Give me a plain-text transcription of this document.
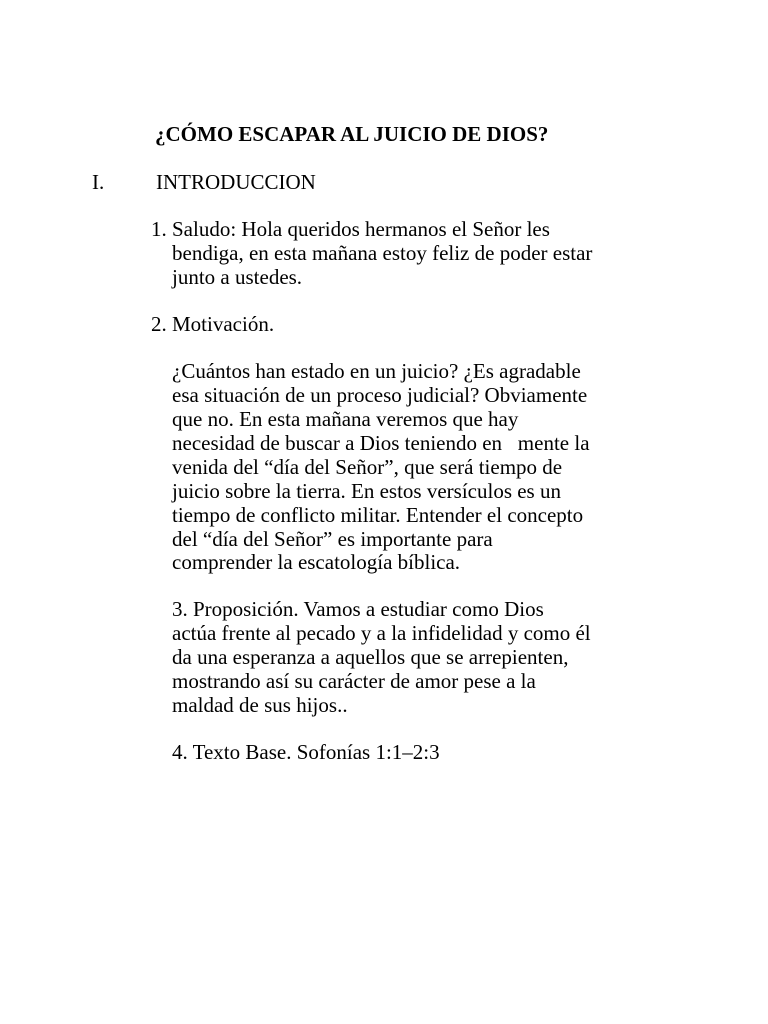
¿CÓMO ESCAPAR AL JUICIO DE DIOS?
I. INTRODUCCION
1. Saludo: Hola queridos hermanos el Señor les
bendiga, en esta mañana estoy feliz de poder estar
junto a ustedes.
2. Motivación.
¿Cuántos han estado en un juicio? ¿Es agradable
esa situación de un proceso judicial? Obviamente
que no. En esta mañana veremos que hay
necesidad de buscar a Dios teniendo en   mente la
venida del “día del Señor”, que será tiempo de
juicio sobre la tierra. En estos versículos es un
tiempo de conflicto militar. Entender el concepto
del “día del Señor” es importante para
comprender la escatología bíblica.
3. Proposición. Vamos a estudiar como Dios
actúa frente al pecado y a la infidelidad y como él
da una esperanza a aquellos que se arrepienten,
mostrando así su carácter de amor pese a la
maldad de sus hijos..
4. Texto Base. Sofonías 1:1–2:3
